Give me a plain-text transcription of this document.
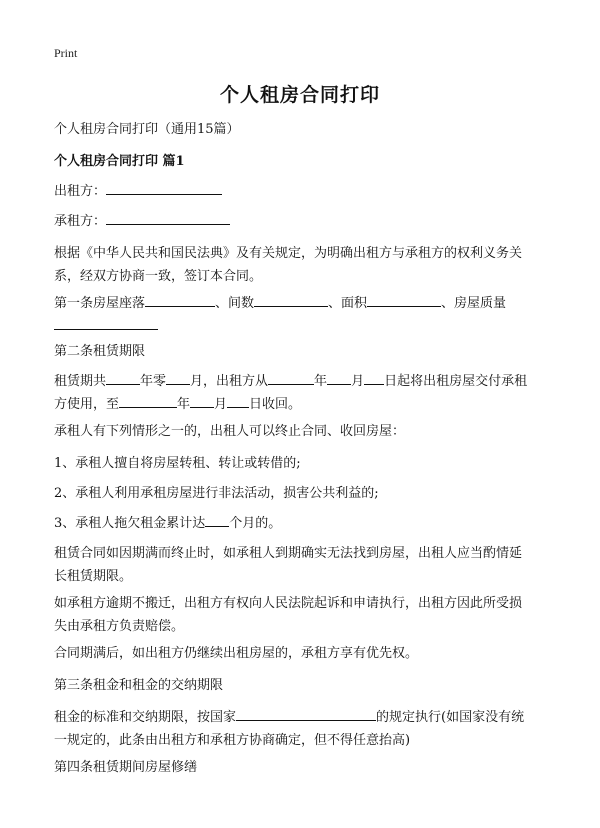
Print
个人租房合同打印
个人租房合同打印（通用15篇）
个人租房合同打印 篇1
出租方：
承租方：
根据《中华人民共和国民法典》及有关规定，为明确出租方与承租方的权利义务关
系，经双方协商一致，签订本合同。
第一条房屋座落	、间数	、面积	、房屋质量
第二条租赁期限
租赁期共	年零 月，出租方从	年 月 日起将出租房屋交付承租
方使用，至	年 月 日收回。
承租人有下列情形之一的，出租人可以终止合同、收回房屋：
1、承租人擅自将房屋转租、转让或转借的;
2、承租人利用承租房屋进行非法活动，损害公共利益的;
3、承租人拖欠租金累计达 个月的。
租赁合同如因期满而终止时，如承租人到期确实无法找到房屋，出租人应当酌情延
长租赁期限。
如承租方逾期不搬迁，出租方有权向人民法院起诉和申请执行，出租方因此所受损
失由承租方负责赔偿。
合同期满后，如出租方仍继续出租房屋的，承租方享有优先权。
第三条租金和租金的交纳期限
租金的标准和交纳期限，按国家	的规定执行(如国家没有统
一规定的，此条由出租方和承租方协商确定，但不得任意抬高)
第四条租赁期间房屋修缮
